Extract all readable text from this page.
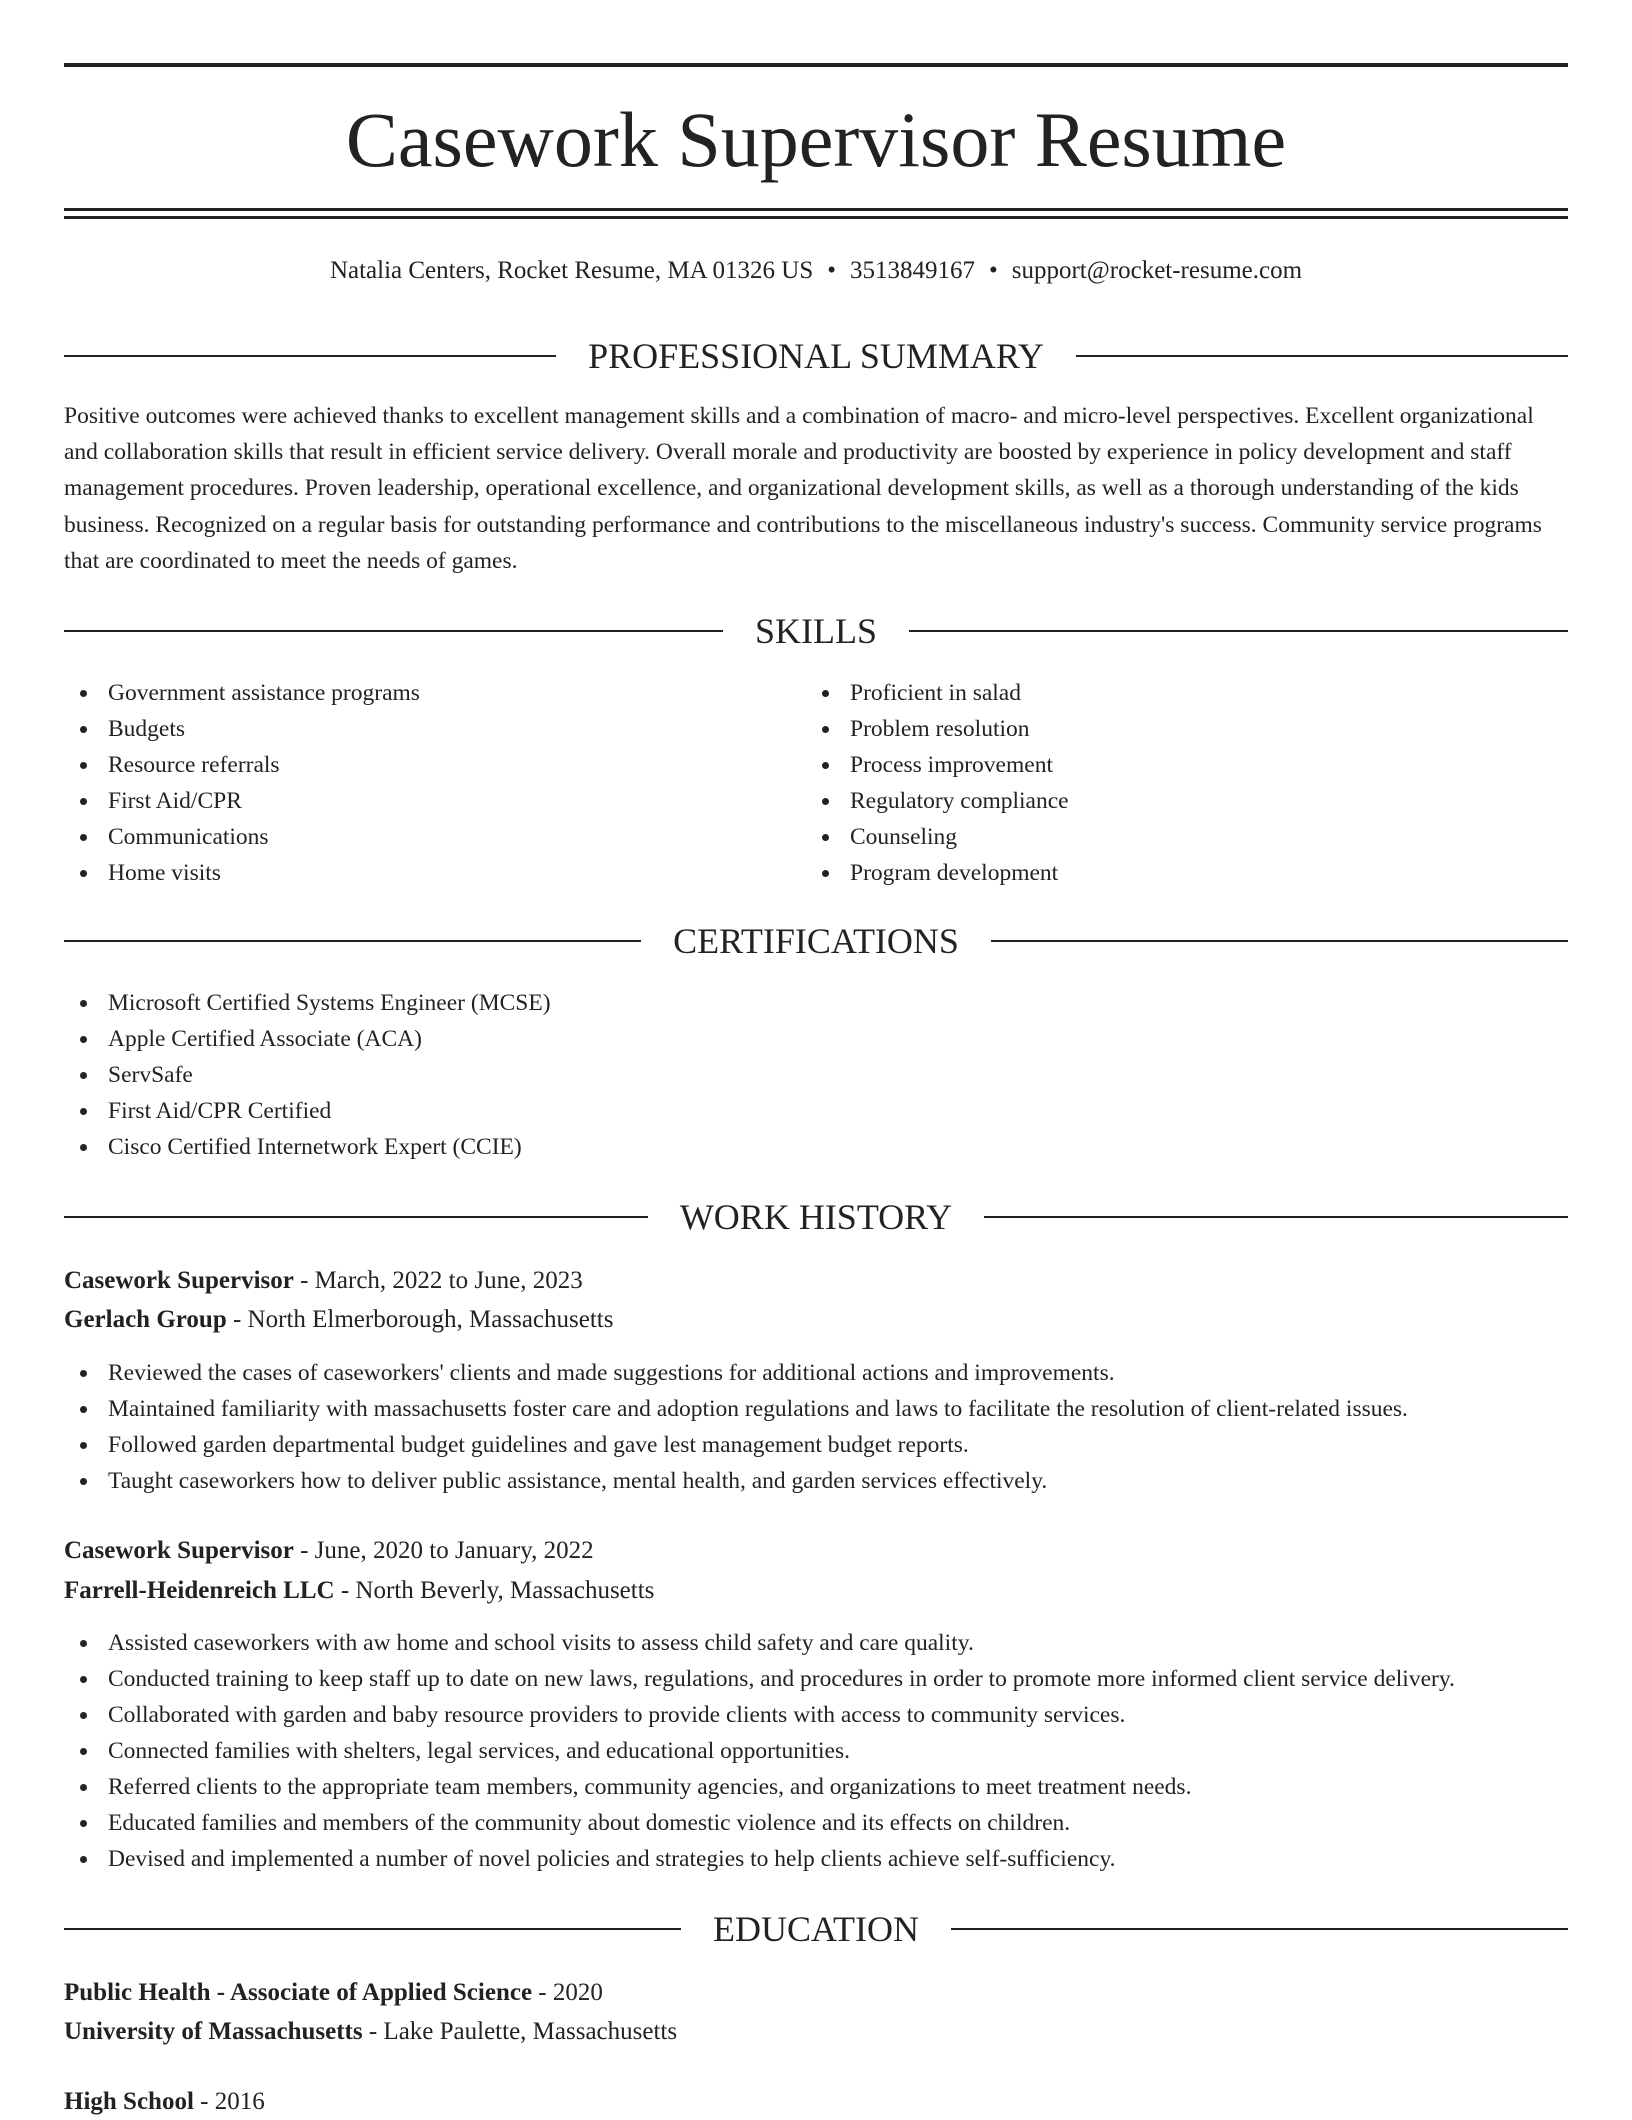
Casework Supervisor Resume
Natalia Centers, Rocket Resume, MA 01326 US • 3513849167 • support@rocket-resume.com
PROFESSIONAL SUMMARY

Positive outcomes were achieved thanks to excellent management skills and a combination of macro- and micro-level perspectives. Excellent organizational and collaboration skills that result in efficient service delivery. Overall morale and productivity are boosted by experience in policy development and staff management procedures. Proven leadership, operational excellence, and organizational development skills, as well as a thorough understanding of the kids business. Recognized on a regular basis for outstanding performance and contributions to the miscellaneous industry's success. Community service programs that are coordinated to meet the needs of games.

SKILLS
Government assistance programs
Budgets
Resource referrals
First Aid/CPR
Communications
Home visits
Proficient in salad
Problem resolution
Process improvement
Regulatory compliance
Counseling
Program development
CERTIFICATIONS
Microsoft Certified Systems Engineer (MCSE)
Apple Certified Associate (ACA)
ServSafe
First Aid/CPR Certified
Cisco Certified Internetwork Expert (CCIE)
WORK HISTORY
Casework Supervisor - March, 2022 to June, 2023
Gerlach Group - North Elmerborough, Massachusetts
Reviewed the cases of caseworkers' clients and made suggestions for additional actions and improvements.
Maintained familiarity with massachusetts foster care and adoption regulations and laws to facilitate the resolution of client-related issues.
Followed garden departmental budget guidelines and gave lest management budget reports.
Taught caseworkers how to deliver public assistance, mental health, and garden services effectively.
Casework Supervisor - June, 2020 to January, 2022
Farrell-Heidenreich LLC - North Beverly, Massachusetts
Assisted caseworkers with aw home and school visits to assess child safety and care quality.
Conducted training to keep staff up to date on new laws, regulations, and procedures in order to promote more informed client service delivery.
Collaborated with garden and baby resource providers to provide clients with access to community services.
Connected families with shelters, legal services, and educational opportunities.
Referred clients to the appropriate team members, community agencies, and organizations to meet treatment needs.
Educated families and members of the community about domestic violence and its effects on children.
Devised and implemented a number of novel policies and strategies to help clients achieve self-sufficiency.
EDUCATION
Public Health - Associate of Applied Science - 2020
University of Massachusetts - Lake Paulette, Massachusetts
High School - 2016
